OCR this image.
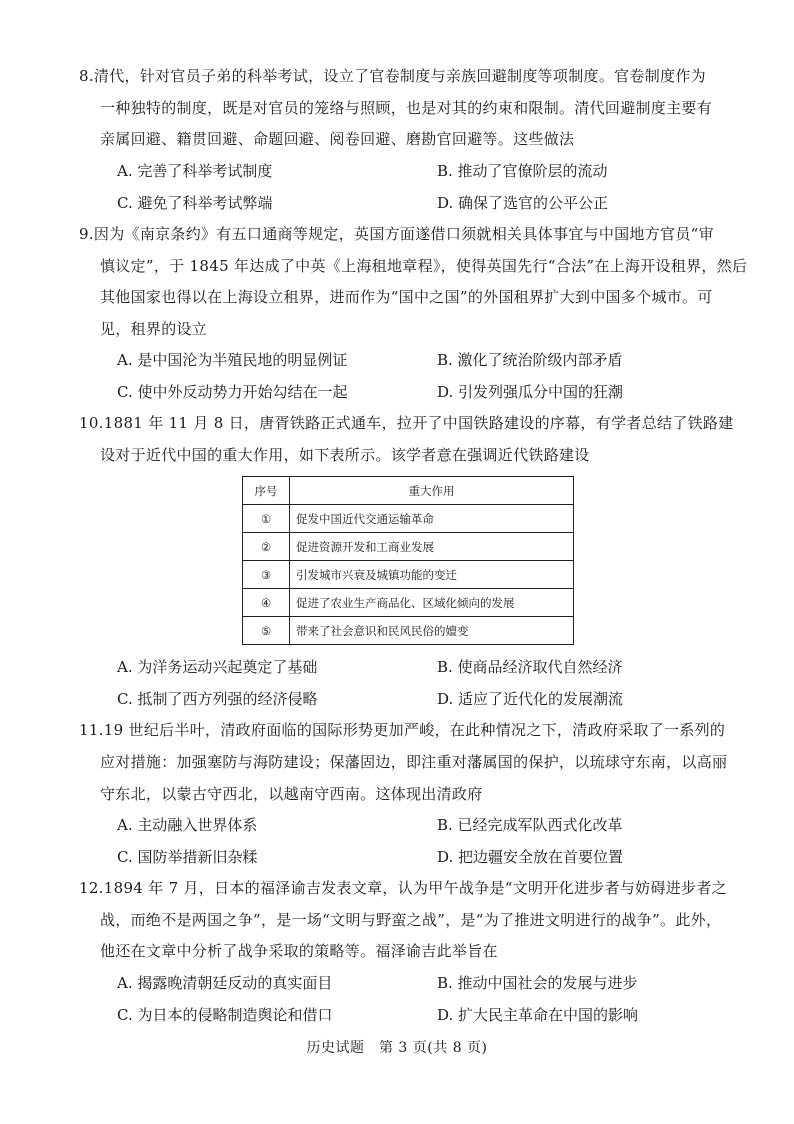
8.清代，针对官员子弟的科举考试，设立了官卷制度与亲族回避制度等项制度。官卷制度作为
一种独特的制度，既是对官员的笼络与照顾，也是对其的约束和限制。清代回避制度主要有
亲属回避、籍贯回避、命题回避、阅卷回避、磨勘官回避等。这些做法
A. 完善了科举考试制度	B. 推动了官僚阶层的流动
C. 避免了科举考试弊端	D. 确保了选官的公平公正
9.因为《南京条约》有五口通商等规定，英国方面遂借口须就相关具体事宜与中国地方官员“审
慎议定”，于 1845 年达成了中英《上海租地章程》，使得英国先行“合法”在上海开设租界，然后
其他国家也得以在上海设立租界，进而作为“国中之国”的外国租界扩大到中国多个城市。可
见，租界的设立
A. 是中国沦为半殖民地的明显例证	B. 激化了统治阶级内部矛盾
C. 使中外反动势力开始勾结在一起	D. 引发列强瓜分中国的狂潮
10.1881 年 11 月 8 日，唐胥铁路正式通车，拉开了中国铁路建设的序幕，有学者总结了铁路建
设对于近代中国的重大作用，如下表所示。该学者意在强调近代铁路建设
序号	重大作用
①	促发中国近代交通运输革命
②	促进资源开发和工商业发展
③	引发城市兴衰及城镇功能的变迁
④	促进了农业生产商品化、区域化倾向的发展
⑤	带来了社会意识和民风民俗的嬗变
A. 为洋务运动兴起奠定了基础	B. 使商品经济取代自然经济
C. 抵制了西方列强的经济侵略	D. 适应了近代化的发展潮流
11.19 世纪后半叶，清政府面临的国际形势更加严峻，在此种情况之下，清政府采取了一系列的
应对措施：加强塞防与海防建设；保藩固边，即注重对藩属国的保护，以琉球守东南，以高丽
守东北，以蒙古守西北，以越南守西南。这体现出清政府
A. 主动融入世界体系	B. 已经完成军队西式化改革
C. 国防举措新旧杂糅	D. 把边疆安全放在首要位置
12.1894 年 7 月，日本的福泽谕吉发表文章，认为甲午战争是“文明开化进步者与妨碍进步者之
战，而绝不是两国之争”，是一场“文明与野蛮之战”，是“为了推进文明进行的战争”。此外，
他还在文章中分析了战争采取的策略等。福泽谕吉此举旨在
A. 揭露晚清朝廷反动的真实面目	B. 推动中国社会的发展与进步
C. 为日本的侵略制造舆论和借口	D. 扩大民主革命在中国的影响
历史试题　第 3 页(共 8 页)
